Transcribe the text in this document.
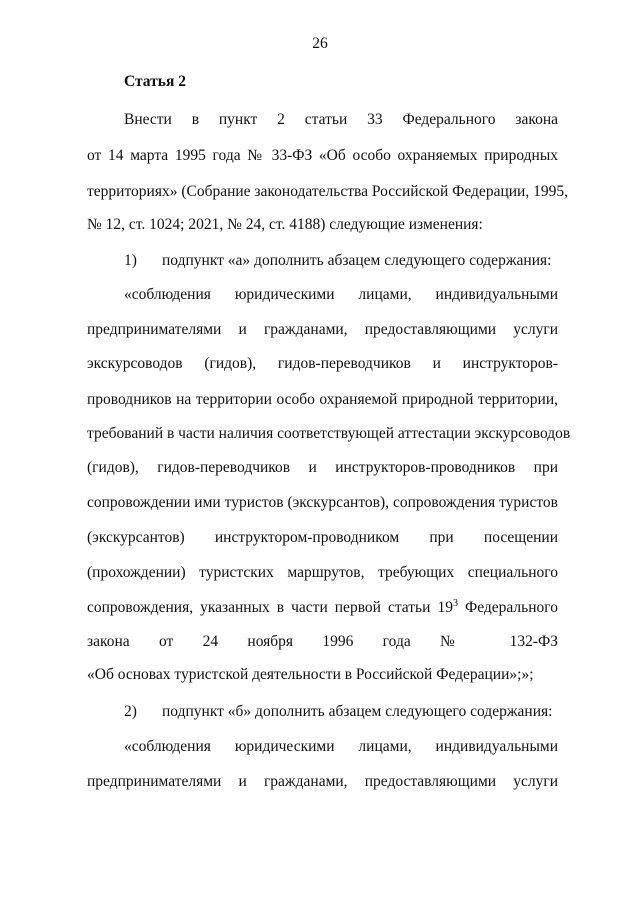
26
Статья 2
Внести в пункт 2 статьи 33 Федерального закона
от 14 марта 1995 года № 33-ФЗ «Об особо охраняемых природных
территориях» (Собрание законодательства Российской Федерации, 1995,
№ 12, ст. 1024; 2021, № 24, ст. 4188) следующие изменения:
1) подпункт «а» дополнить абзацем следующего содержания:
«соблюдения юридическими лицами, индивидуальными
предпринимателями и гражданами, предоставляющими услуги
экскурсоводов (гидов), гидов-переводчиков и инструкторов-
проводников на территории особо охраняемой природной территории,
требований в части наличия соответствующей аттестации экскурсоводов
(гидов), гидов-переводчиков и инструкторов-проводников при
сопровождении ими туристов (экскурсантов), сопровождения туристов
(экскурсантов) инструктором-проводником при посещении
(прохождении) туристских маршрутов, требующих специального
сопровождения, указанных в части первой статьи $19^3$ Федерального
закона от 24 ноября 1996 года № 132-ФЗ
«Об основах туристской деятельности в Российской Федерации»;»;
2) подпункт «б» дополнить абзацем следующего содержания:
«соблюдения юридическими лицами, индивидуальными
предпринимателями и гражданами, предоставляющими услуги
